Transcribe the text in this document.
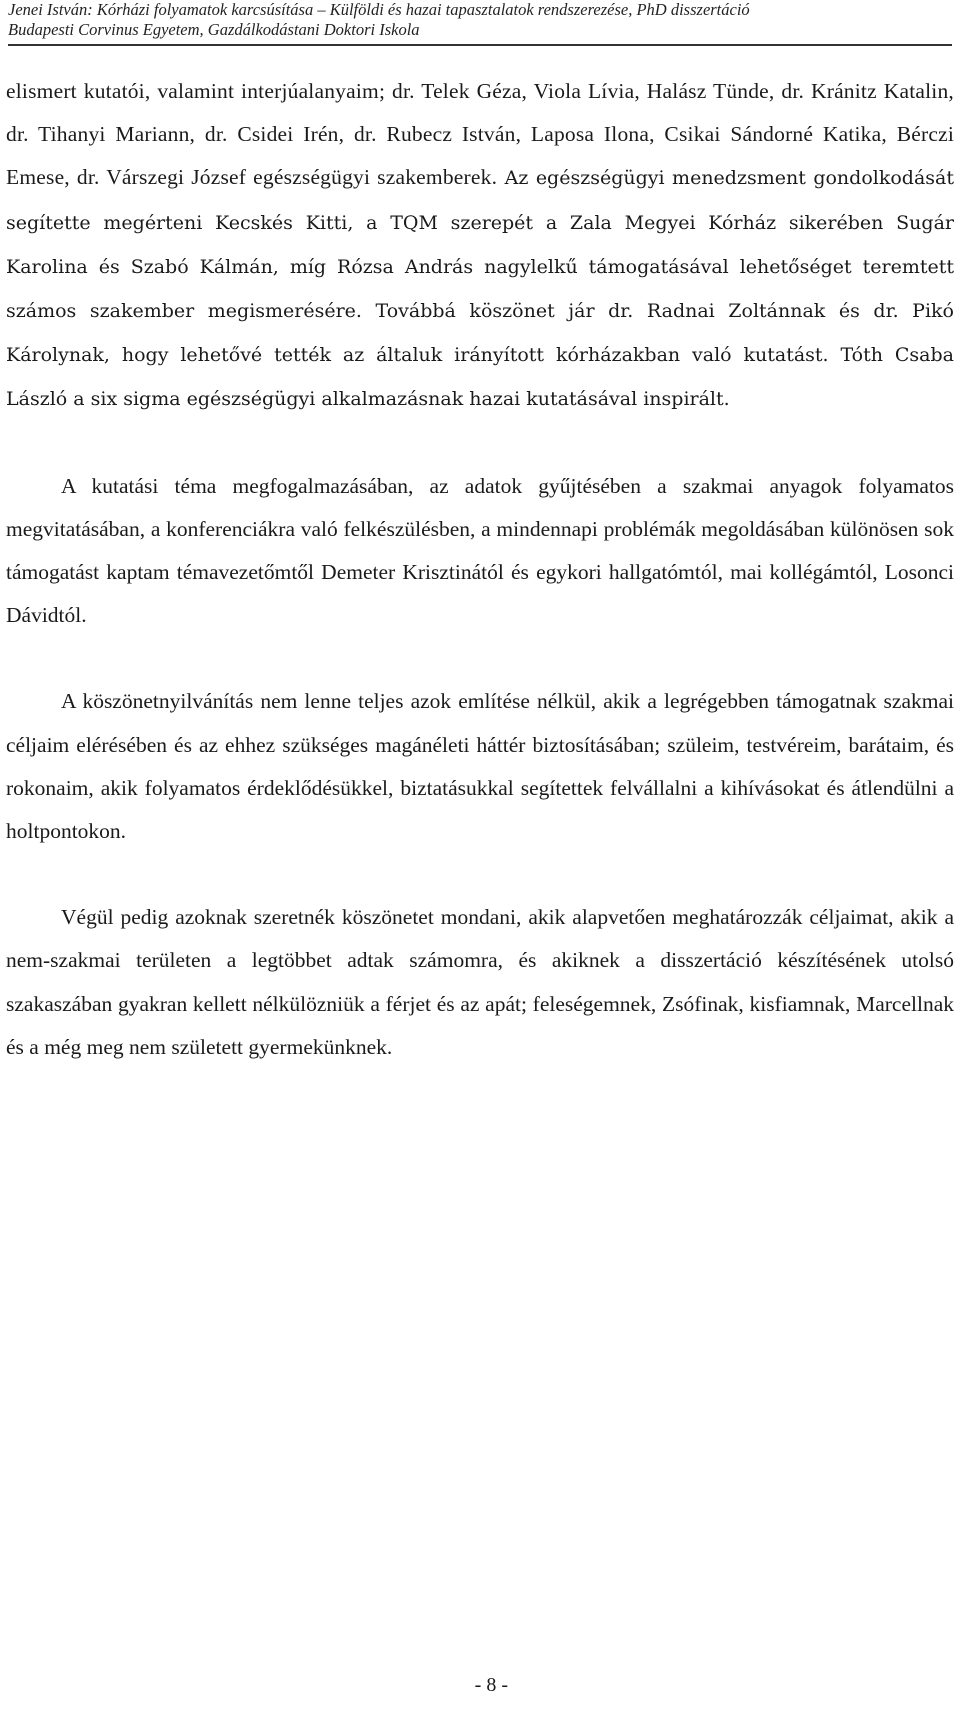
Jenei István: Kórházi folyamatok karcsúsítása – Külföldi és hazai tapasztalatok rendszerezése, PhD disszertáció
Budapesti Corvinus Egyetem, Gazdálkodástani Doktori Iskola

elismert kutatói, valamint interjúalanyaim; dr. Telek Géza, Viola Lívia, Halász Tünde, dr. Kránitz Katalin, dr. Tihanyi Mariann, dr. Csidei Irén, dr. Rubecz István, Laposa Ilona, Csikai Sándorné Katika, Bérczi Emese, dr. Várszegi József egészségügyi szakemberek. Az egészségügyi menedzsment gondolkodását segítette megérteni Kecskés Kitti, a TQM szerepét a Zala Megyei Kórház sikerében Sugár Karolina és Szabó Kálmán, míg Rózsa András nagylelkű támogatásával lehetőséget teremtett számos szakember megismerésére. Továbbá köszönet jár dr. Radnai Zoltánnak és dr. Pikó Károlynak, hogy lehetővé tették az általuk irányított kórházakban való kutatást. Tóth Csaba László a six sigma egészségügyi alkalmazásnak hazai kutatásával inspirált.

A kutatási téma megfogalmazásában, az adatok gyűjtésében a szakmai anyagok folyamatos megvitatásában, a konferenciákra való felkészülésben, a mindennapi problémák megoldásában különösen sok támogatást kaptam témavezetőmtől Demeter Krisztinától és egykori hallgatómtól, mai kollégámtól, Losonci Dávidtól.

A köszönetnyilvánítás nem lenne teljes azok említése nélkül, akik a legrégebben támogatnak szakmai céljaim elérésében és az ehhez szükséges magánéleti háttér biztosításában; szüleim, testvéreim, barátaim, és rokonaim, akik folyamatos érdeklődésükkel, biztatásukkal segítettek felvállalni a kihívásokat és átlendülni a holtpontokon.

Végül pedig azoknak szeretnék köszönetet mondani, akik alapvetően meghatározzák céljaimat, akik a nem-szakmai területen a legtöbbet adtak számomra, és akiknek a disszertáció készítésének utolsó szakaszában gyakran kellett nélkülözniük a férjet és az apát; feleségemnek, Zsófinak, kisfiamnak, Marcellnak és a még meg nem született gyermekünknek.

- 8 -
